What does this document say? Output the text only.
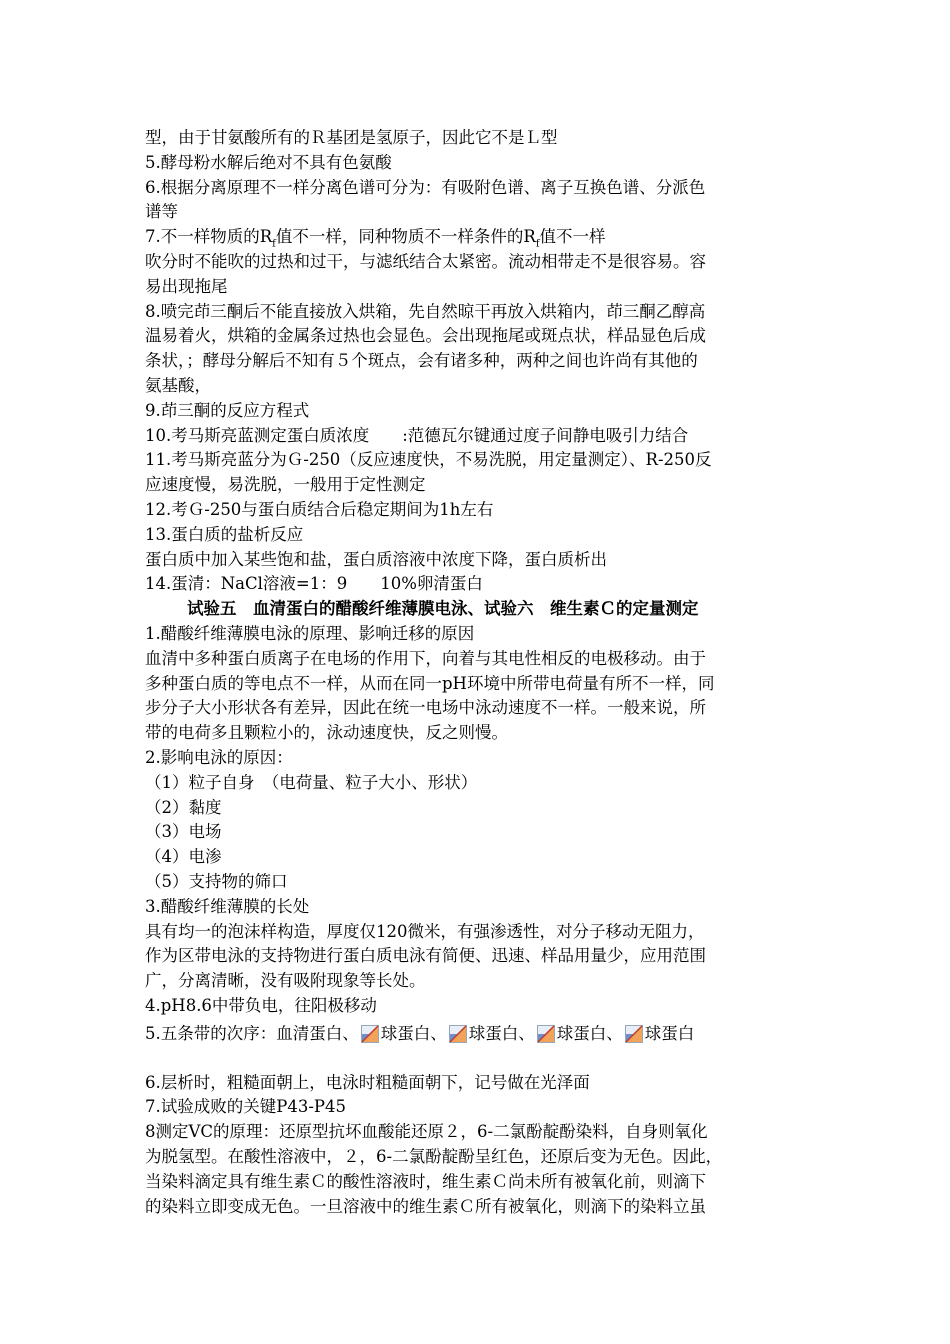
型，由于甘氨酸所有的Ｒ基团是氢原子，因此它不是Ｌ型
5.酵母粉水解后绝对不具有色氨酸
6.根据分离原理不一样分离色谱可分为：有吸附色谱、离子互换色谱、分派色
谱等
7.不一样物质的$R_f$值不一样，同种物质不一样条件的$R_f$值不一样
吹分时不能吹的过热和过干，与滤纸结合太紧密。流动相带走不是很容易。容
易出现拖尾
8.喷完茚三酮后不能直接放入烘箱，先自然晾干再放入烘箱内，茚三酮乙醇高
温易着火，烘箱的金属条过热也会显色。会出现拖尾或斑点状，样品显色后成
条状，；酵母分解后不知有５个斑点，会有诸多种，两种之间也许尚有其他的
氨基酸，
9.茚三酮的反应方程式
10.考马斯亮蓝测定蛋白质浓度　　:范德瓦尔键通过度子间静电吸引力结合
11.考马斯亮蓝分为Ｇ-250（反应速度快，不易洗脱，用定量测定）、R-250反
应速度慢，易洗脱，一般用于定性测定
12.考Ｇ-250与蛋白质结合后稳定期间为1h左右
13.蛋白质的盐析反应
蛋白质中加入某些饱和盐，蛋白质溶液中浓度下降，蛋白质析出
14.蛋清：NaCl溶液=1：9　　10%卵清蛋白
试验五　血清蛋白的醋酸纤维薄膜电泳、试验六　维生素Ｃ的定量测定
1.醋酸纤维薄膜电泳的原理、影响迁移的原因
血清中多种蛋白质离子在电场的作用下，向着与其电性相反的电极移动。由于
多种蛋白质的等电点不一样，从而在同一pH环境中所带电荷量有所不一样，同
步分子大小形状各有差异，因此在统一电场中泳动速度不一样。一般来说，所
带的电荷多且颗粒小的，泳动速度快，反之则慢。
2.影响电泳的原因：
（1）粒子自身　（电荷量、粒子大小、形状）
（2）黏度
（3）电场
（4）电渗
（5）支持物的筛口
3.醋酸纤维薄膜的长处
具有均一的泡沫样构造，厚度仅120微米，有强渗透性，对分子移动无阻力，
作为区带电泳的支持物进行蛋白质电泳有简便、迅速、样品用量少，应用范围
广，分离清晰，没有吸附现象等长处。
4.pH8.6中带负电，往阳极移动
5.五条带的次序：血清蛋白、 球蛋白、 球蛋白、 球蛋白、 球蛋白
6.层析时，粗糙面朝上，电泳时粗糙面朝下，记号做在光泽面
7.试验成败的关键P43-P45
8测定VC的原理：还原型抗坏血酸能还原２，6-二氯酚靛酚染料，自身则氧化
为脱氢型。在酸性溶液中，２，6-二氯酚靛酚呈红色，还原后变为无色。因此，
当染料滴定具有维生素Ｃ的酸性溶液时，维生素Ｃ尚未所有被氧化前，则滴下
的染料立即变成无色。一旦溶液中的维生素Ｃ所有被氧化，则滴下的染料立虽
